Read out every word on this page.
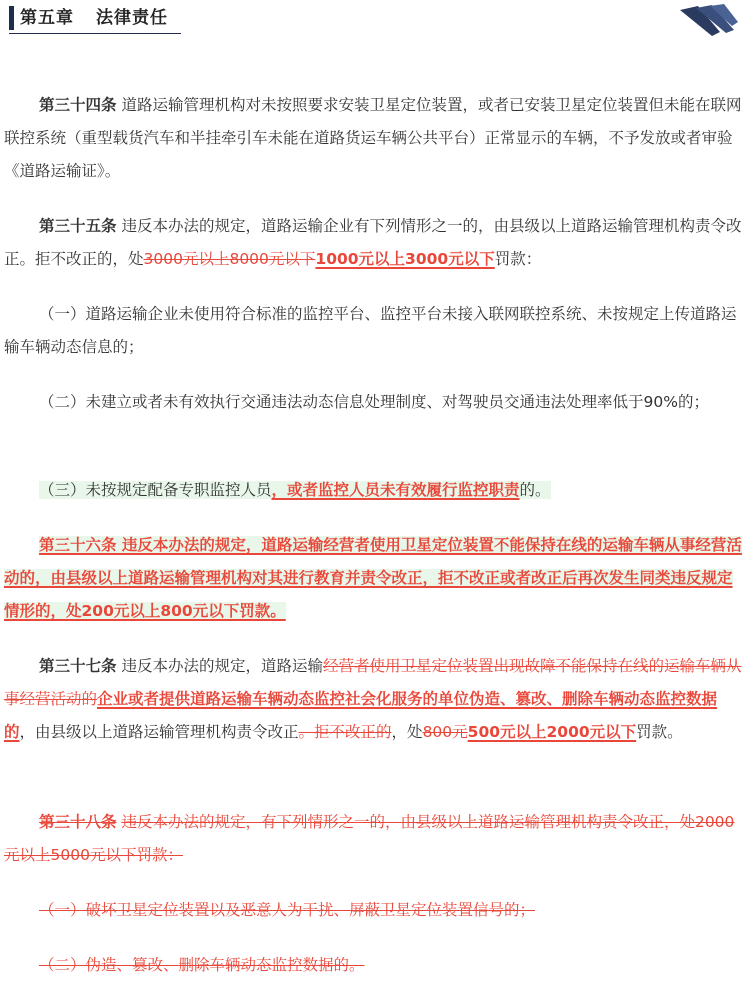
第五章 法律责任

第三十四条 道路运输管理机构对未按照要求安装卫星定位装置，或者已安装卫星定位装置但未能在联网联控系统（重型载货汽车和半挂牵引车未能在道路货运车辆公共平台）正常显示的车辆，不予发放或者审验《道路运输证》。

第三十五条 违反本办法的规定，道路运输企业有下列情形之一的，由县级以上道路运输管理机构责令改正。拒不改正的，处3000元以上8000元以下1000元以上3000元以下罚款：

（一）道路运输企业未使用符合标准的监控平台、监控平台未接入联网联控系统、未按规定上传道路运输车辆动态信息的；

（二）未建立或者未有效执行交通违法动态信息处理制度、对驾驶员交通违法处理率低于90%的；

（三）未按规定配备专职监控人员，或者监控人员未有效履行监控职责的。

第三十六条 违反本办法的规定，道路运输经营者使用卫星定位装置不能保持在线的运输车辆从事经营活动的，由县级以上道路运输管理机构对其进行教育并责令改正，拒不改正或者改正后再次发生同类违反规定情形的，处200元以上800元以下罚款。

第三十七条 违反本办法的规定，道路运输经营者使用卫星定位装置出现故障不能保持在线的运输车辆从事经营活动的企业或者提供道路运输车辆动态监控社会化服务的单位伪造、篡改、删除车辆动态监控数据的，由县级以上道路运输管理机构责令改正。拒不改正的，处800元500元以上2000元以下罚款。

第三十八条 违反本办法的规定，有下列情形之一的，由县级以上道路运输管理机构责令改正，处2000元以上5000元以下罚款：

（一）破坏卫星定位装置以及恶意人为干扰、屏蔽卫星定位装置信号的；

（二）伪造、篡改、删除车辆动态监控数据的。
